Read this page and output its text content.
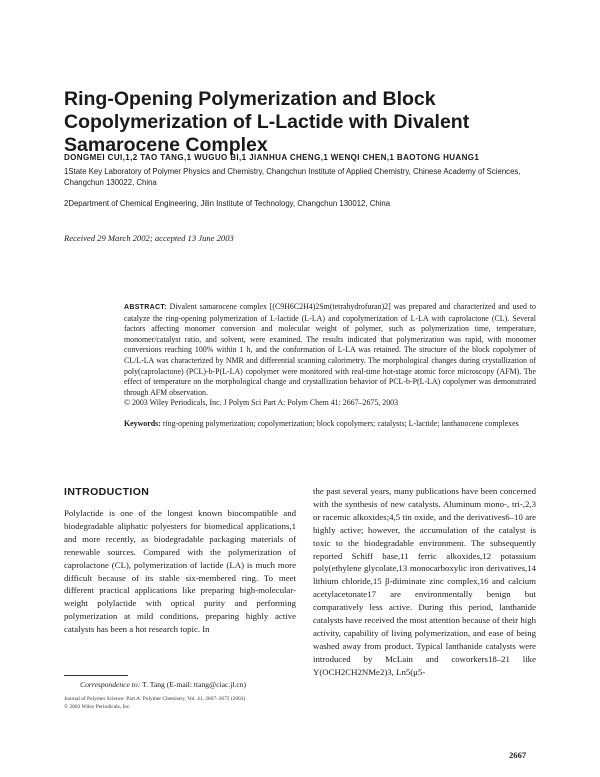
Ring-Opening Polymerization and Block Copolymerization of L-Lactide with Divalent Samarocene Complex
DONGMEI CUI,1,2 TAO TANG,1 WUGUO BI,1 JIANHUA CHENG,1 WENQI CHEN,1 BAOTONG HUANG1
1State Key Laboratory of Polymer Physics and Chemistry, Changchun Institute of Applied Chemistry, Chinese Academy of Sciences, Changchun 130022, China
2Department of Chemical Engineering, Jilin Institute of Technology, Changchun 130012, China
Received 29 March 2002; accepted 13 June 2003
ABSTRACT: Divalent samarocene complex [(C9H6C2H4)2Sm(tetrahydrofuran)2] was prepared and characterized and used to catalyze the ring-opening polymerization of L-lactide (L-LA) and copolymerization of L-LA with caprolactone (CL). Several factors affecting monomer conversion and molecular weight of polymer, such as polymerization time, temperature, monomer/catalyst ratio, and solvent, were examined. The results indicated that polymerization was rapid, with monomer conversions reaching 100% within 1 h, and the conformation of L-LA was retained. The structure of the block copolymer of CL/L-LA was characterized by NMR and differential scanning calorimetry. The morphological changes during crystallization of poly(caprolactone) (PCL)-b-P(L-LA) copolymer were monitored with real-time hot-stage atomic force microscopy (AFM). The effect of temperature on the morphological change and crystallization behavior of PCL-b-P(L-LA) copolymer was demonstrated through AFM observation.
© 2003 Wiley Periodicals, Inc. J Polym Sci Part A: Polym Chem 41: 2667–2675, 2003
Keywords: ring-opening polymerization; copolymerization; block copolymers; catalysts; L-lactide; lanthanocene complexes
INTRODUCTION
Polylactide is one of the longest known biocompatible and biodegradable aliphatic polyesters for biomedical applications,1 and more recently, as biodegradable packaging materials of renewable sources. Compared with the polymerization of caprolactone (CL), polymerization of lactide (LA) is much more difficult because of its stable six-membered ring. To meet different practical applications like preparing high-molecular-weight polylactide with optical purity and performing polymerization at mild conditions, preparing highly active catalysts has been a hot research topic. In
the past several years, many publications have been concerned with the synthesis of new catalysts. Aluminum mono-, tri-,2,3 or racemic alkoxides;4,5 tin oxide, and the derivatives6–10 are highly active; however, the accumulation of the catalyst is toxic to the biodegradable environment. The subsequently reported Schiff base,11 ferric alkoxides,12 potassium poly(ethylene glycolate,13 monocarboxylic iron derivatives,14 lithium chloride,15 β-diiminate zinc complex,16 and calcium acetylacetonate17 are environmentally benign but comparatively less active. During this period, lanthanide catalysts have received the most attention because of their high activity, capability of living polymerization, and ease of being washed away from product. Typical lanthanide catalysts were introduced by McLain and coworkers18–21 like Y(OCH2CH2NMe2)3, Ln5(μ5-
Correspondence to: T. Tang (E-mail: ttang@ciac.jl.cn)
Journal of Polymer Science: Part A: Polymer Chemistry, Vol. 41, 2667–2675 (2003)
© 2003 Wiley Periodicals, Inc.
2667
